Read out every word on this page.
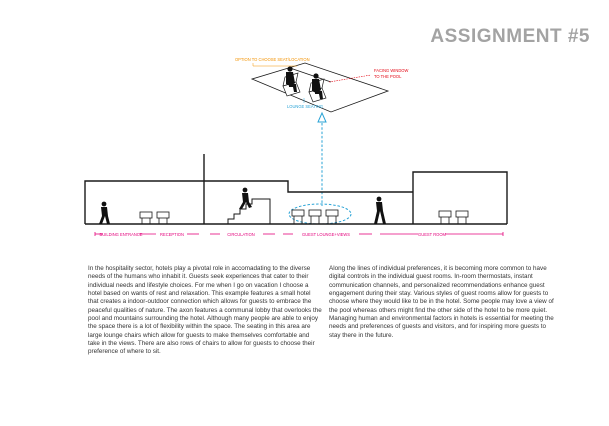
ASSIGNMENT #5
OPTION TO CHOOSE SEAT/LOCATION
FACING WINDOW
TO THE POOL
LOUNGE SEATING
BUILDING ENTRANCE	RECEPTION	CIRCULATION	GUEST LOUNGE+VIEWS	GUEST ROOM

In the hospitality sector, hotels play a pivotal role in accomadating to the diverse needs of the humans who inhabit it. Guests seek experiences that cater to their individual needs and lifestyle choices. For me when I go on vacation I choose a hotel based on wants of rest and relaxation. This example features a small hotel that creates a indoor-outdoor connection which allows for guests to embrace the peaceful qualities of nature. The axon features a communal lobby that overlooks the pool and mountains surrounding the hotel. Although many people are able to enjoy the space there is a lot of flexibility within the space. The seating in this area are large lounge chairs which allow for guests to make themselves comfortable and take in the views. There are also rows of chairs to allow for guests to choose their preference of where to sit.

Along the lines of individual preferences, it is becoming more common to have digital controls in the individual guest rooms. In-room thermostats, instant communication channels, and personalized recommendations enhance guest engagement during their stay. Various styles of guest rooms allow for guests to choose where they would like to be in the hotel. Some people may love a view of the pool whereas others might find the other side of the hotel to be more quiet. Managing human and environmental factors in hotels is essential for meeting the needs and preferences of guests and visitors, and for inspiring more guests to stay there in the future.
